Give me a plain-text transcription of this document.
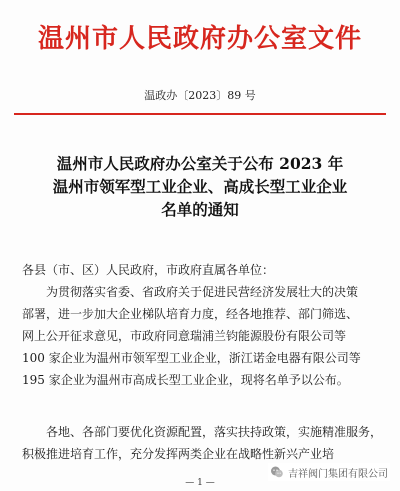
温州市人民政府办公室文件
温政办〔2023〕89 号
温州市人民政府办公室关于公布 2023 年
温州市领军型工业企业、高成长型工业企业
名单的通知
各县（市、区）人民政府，市政府直属各单位：
为贯彻落实省委、省政府关于促进民营经济发展壮大的决策
部署，进一步加大企业梯队培育力度，经各地推荐、部门筛选、
网上公开征求意见，市政府同意瑞浦兰钧能源股份有限公司等
100 家企业为温州市领军型工业企业，浙江诺金电器有限公司等
195 家企业为温州市高成长型工业企业，现将名单予以公布。
各地、各部门要优化资源配置，落实扶持政策，实施精准服务，
积极推进培育工作，充分发挥两类企业在战略性新兴产业培
吉祥阀门集团有限公司
— 1 —
